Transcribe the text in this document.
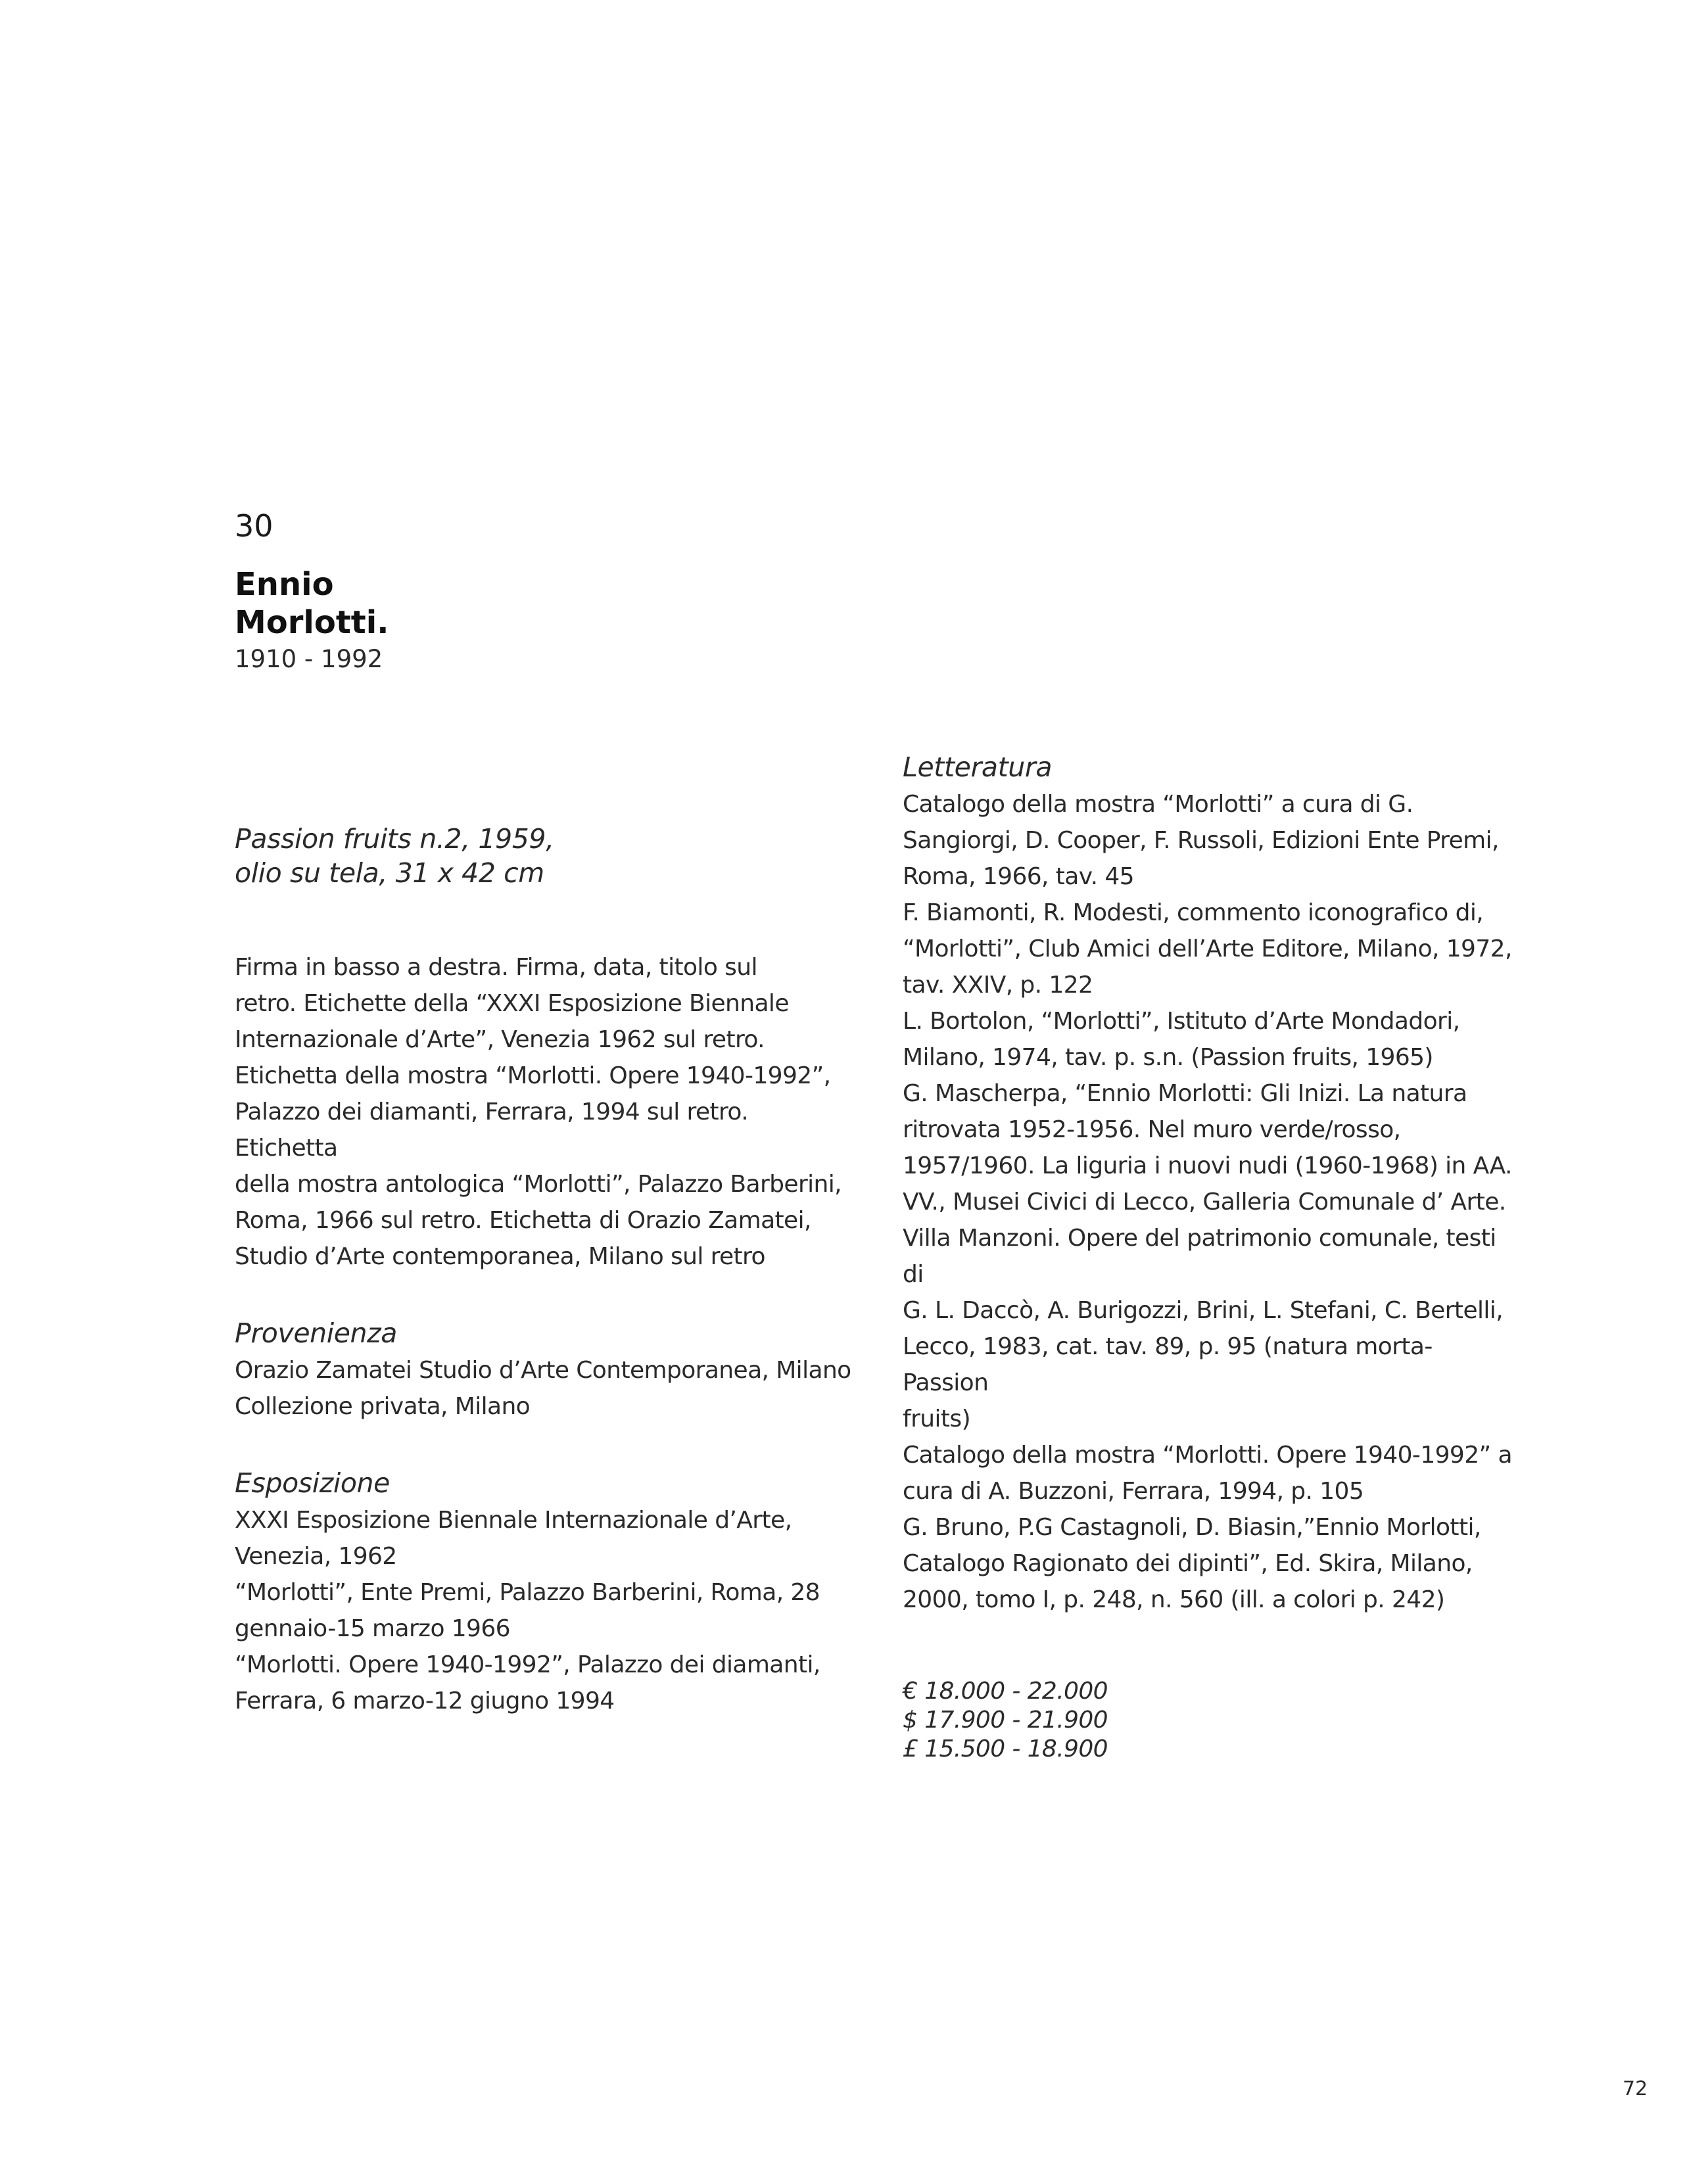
30
Ennio
Morlotti.
1910 - 1992
Passion fruits n.2, 1959,
olio su tela, 31 x 42 cm
Firma in basso a destra. Firma, data, titolo sul
retro. Etichette della “XXXI Esposizione Biennale
Internazionale d’Arte”, Venezia 1962 sul retro.
Etichetta della mostra “Morlotti. Opere 1940-1992”,
Palazzo dei diamanti, Ferrara, 1994 sul retro. Etichetta
della mostra antologica “Morlotti”, Palazzo Barberini,
Roma, 1966 sul retro. Etichetta di Orazio Zamatei,
Studio d’Arte contemporanea, Milano sul retro
Provenienza
Orazio Zamatei Studio d’Arte Contemporanea, Milano
Collezione privata, Milano
Esposizione
XXXI Esposizione Biennale Internazionale d’Arte,
Venezia, 1962
“Morlotti”, Ente Premi, Palazzo Barberini, Roma, 28
gennaio-15 marzo 1966
“Morlotti. Opere 1940-1992”, Palazzo dei diamanti,
Ferrara, 6 marzo-12 giugno 1994
Letteratura
Catalogo della mostra “Morlotti” a cura di G.
Sangiorgi, D. Cooper, F. Russoli, Edizioni Ente Premi,
Roma, 1966, tav. 45
F. Biamonti, R. Modesti, commento iconografico di,
“Morlotti”, Club Amici dell’Arte Editore, Milano, 1972,
tav. XXIV, p. 122
L. Bortolon, “Morlotti”, Istituto d’Arte Mondadori,
Milano, 1974, tav. p. s.n. (Passion fruits, 1965)
G. Mascherpa, “Ennio Morlotti: Gli Inizi. La natura
ritrovata 1952-1956. Nel muro verde/rosso,
1957/1960. La liguria i nuovi nudi (1960-1968) in AA.
VV., Musei Civici di Lecco, Galleria Comunale d’ Arte.
Villa Manzoni. Opere del patrimonio comunale, testi di
G. L. Daccò, A. Burigozzi, Brini, L. Stefani, C. Bertelli,
Lecco, 1983, cat. tav. 89, p. 95 (natura morta- Passion
fruits)
Catalogo della mostra “Morlotti. Opere 1940-1992” a
cura di A. Buzzoni, Ferrara, 1994, p. 105
G. Bruno, P.G Castagnoli, D. Biasin,”Ennio Morlotti,
Catalogo Ragionato dei dipinti”, Ed. Skira, Milano,
2000, tomo I, p. 248, n. 560 (ill. a colori p. 242)
€ 18.000 - 22.000
$ 17.900 - 21.900
£ 15.500 - 18.900
72
